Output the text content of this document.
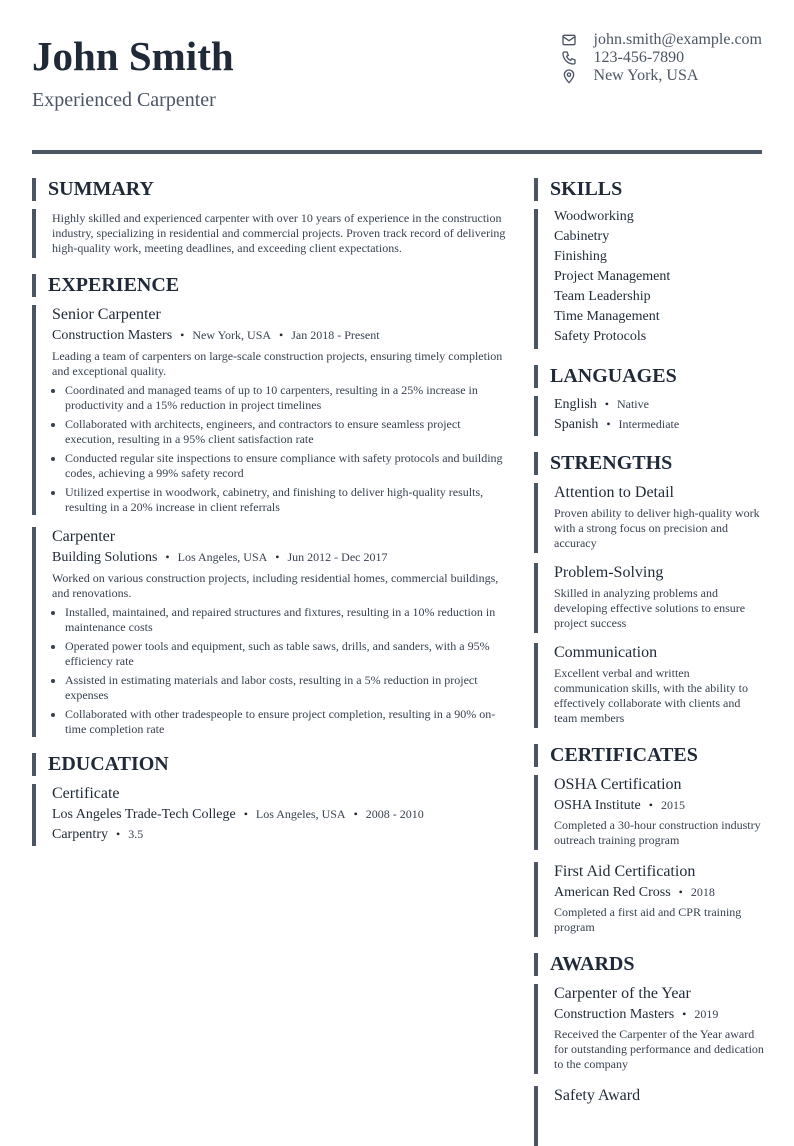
John Smith
Experienced Carpenter
john.smith@example.com
123-456-7890
New York, USA
SUMMARY
Highly skilled and experienced carpenter with over 10 years of experience in the construction industry, specializing in residential and commercial projects. Proven track record of delivering high-quality work, meeting deadlines, and exceeding client expectations.
EXPERIENCE
Senior Carpenter
Construction Masters • New York, USA • Jan 2018 - Present
Leading a team of carpenters on large-scale construction projects, ensuring timely completion and exceptional quality.
• Coordinated and managed teams of up to 10 carpenters, resulting in a 25% increase in productivity and a 15% reduction in project timelines
• Collaborated with architects, engineers, and contractors to ensure seamless project execution, resulting in a 95% client satisfaction rate
• Conducted regular site inspections to ensure compliance with safety protocols and building codes, achieving a 99% safety record
• Utilized expertise in woodwork, cabinetry, and finishing to deliver high-quality results, resulting in a 20% increase in client referrals
Carpenter
Building Solutions • Los Angeles, USA • Jun 2012 - Dec 2017
Worked on various construction projects, including residential homes, commercial buildings, and renovations.
• Installed, maintained, and repaired structures and fixtures, resulting in a 10% reduction in maintenance costs
• Operated power tools and equipment, such as table saws, drills, and sanders, with a 95% efficiency rate
• Assisted in estimating materials and labor costs, resulting in a 5% reduction in project expenses
• Collaborated with other tradespeople to ensure project completion, resulting in a 90% on-time completion rate
EDUCATION
Certificate
Los Angeles Trade-Tech College • Los Angeles, USA • 2008 - 2010
Carpentry • 3.5
SKILLS
Woodworking
Cabinetry
Finishing
Project Management
Team Leadership
Time Management
Safety Protocols
LANGUAGES
English • Native
Spanish • Intermediate
STRENGTHS
Attention to Detail
Proven ability to deliver high-quality work with a strong focus on precision and accuracy
Problem-Solving
Skilled in analyzing problems and developing effective solutions to ensure project success
Communication
Excellent verbal and written communication skills, with the ability to effectively collaborate with clients and team members
CERTIFICATES
OSHA Certification
OSHA Institute • 2015
Completed a 30-hour construction industry outreach training program
First Aid Certification
American Red Cross • 2018
Completed a first aid and CPR training program
AWARDS
Carpenter of the Year
Construction Masters • 2019
Received the Carpenter of the Year award for outstanding performance and dedication to the company
Safety Award
